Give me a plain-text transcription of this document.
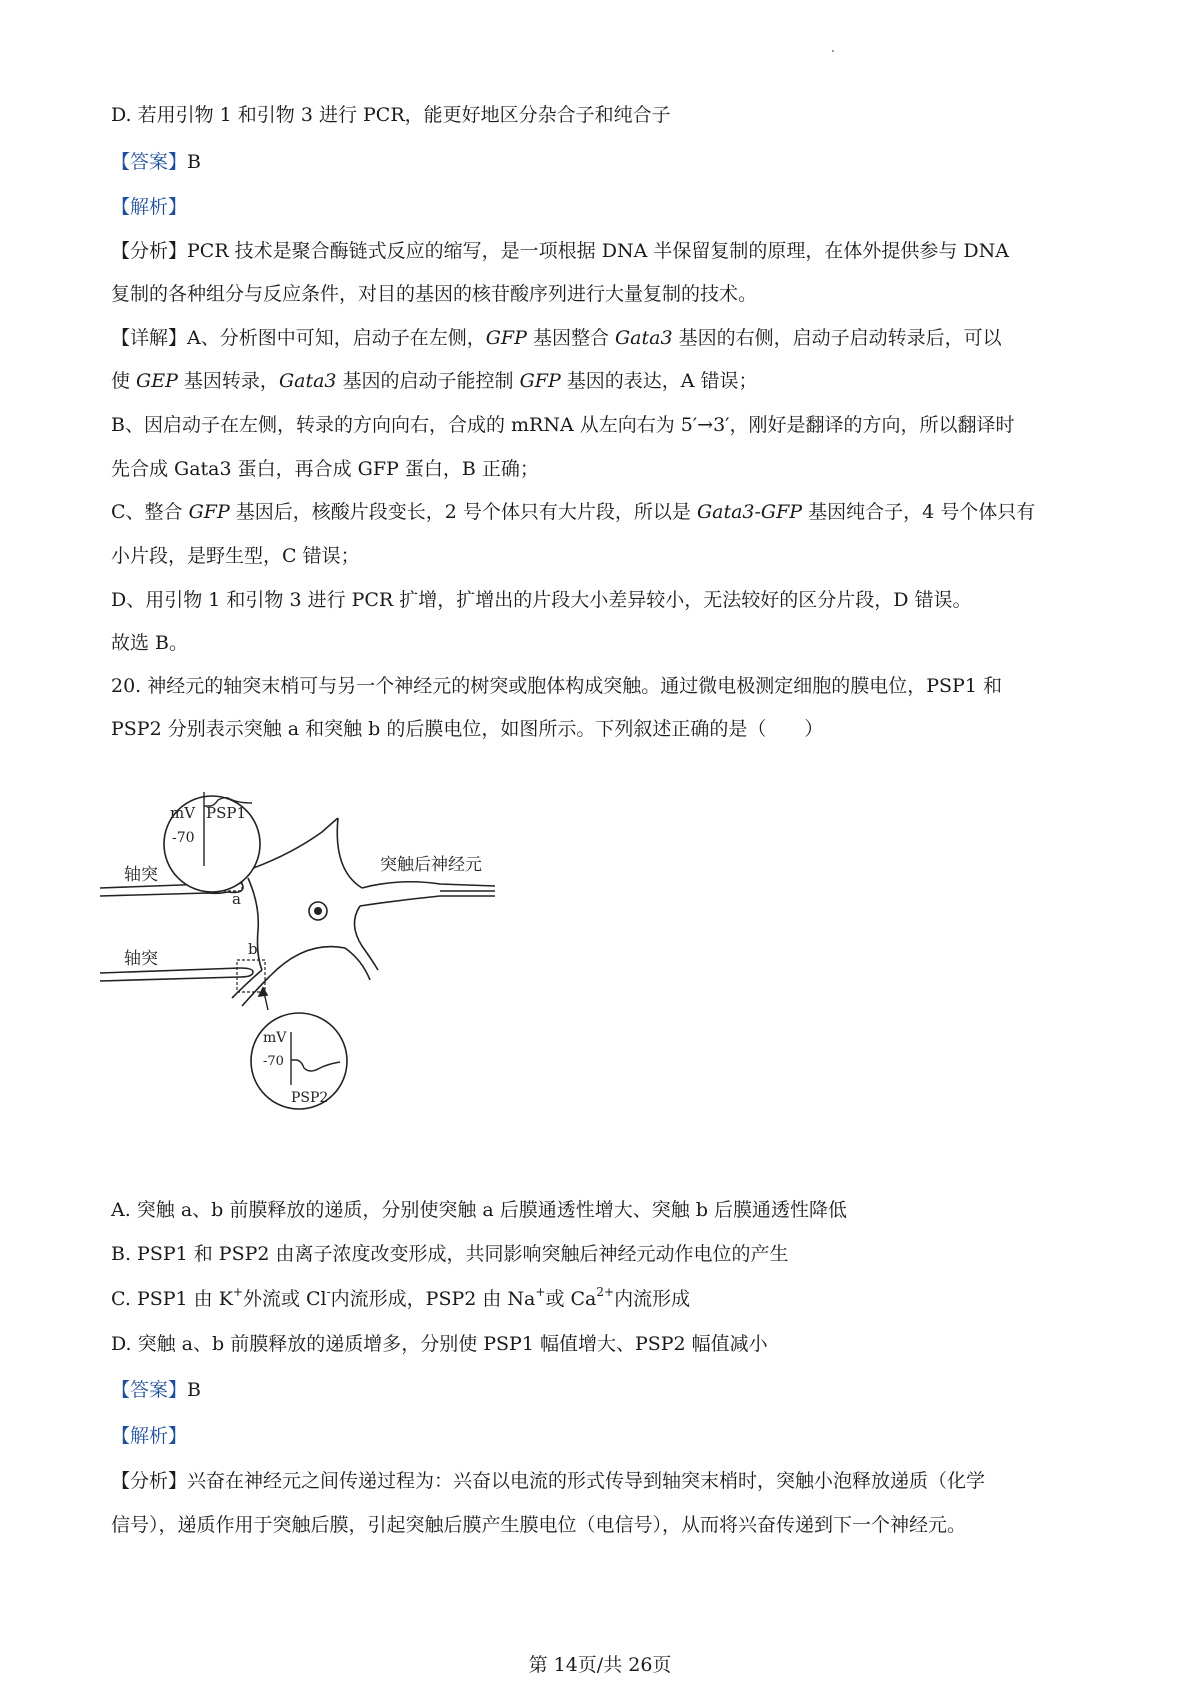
D. 若用引物 1 和引物 3 进行 PCR，能更好地区分杂合子和纯合子
【答案】B
【解析】
【分析】PCR 技术是聚合酶链式反应的缩写，是一项根据 DNA 半保留复制的原理，在体外提供参与 DNA
复制的各种组分与反应条件，对目的基因的核苷酸序列进行大量复制的技术。
【详解】A、分析图中可知，启动子在左侧，GFP 基因整合 Gata3 基因的右侧，启动子启动转录后，可以
使 GEP 基因转录，Gata3 基因的启动子能控制 GFP 基因的表达，A 错误；
B、因启动子在左侧，转录的方向向右，合成的 mRNA 从左向右为 5′→3′，刚好是翻译的方向，所以翻译时
先合成 Gata3 蛋白，再合成 GFP 蛋白，B 正确；
C、整合 GFP 基因后，核酸片段变长，2 号个体只有大片段，所以是 Gata3-GFP 基因纯合子，4 号个体只有
小片段，是野生型，C 错误；
D、用引物 1 和引物 3 进行 PCR 扩增，扩增出的片段大小差异较小，无法较好的区分片段，D 错误。
故选 B。
20. 神经元的轴突末梢可与另一个神经元的树突或胞体构成突触。通过微电极测定细胞的膜电位，PSP1 和
PSP2 分别表示突触 a 和突触 b 的后膜电位，如图所示。下列叙述正确的是（　　）
mV PSP1
-70
轴突
a
突触后神经元
轴突	b
mV
-70
PSP2
A. 突触 a、b 前膜释放的递质，分别使突触 a 后膜通透性增大、突触 b 后膜通透性降低
B. PSP1 和 PSP2 由离子浓度改变形成，共同影响突触后神经元动作电位的产生
C. PSP1 由 K+外流或 Cl-内流形成，PSP2 由 Na+或 $Ca^{2+}$内流形成
D. 突触 a、b 前膜释放的递质增多，分别使 PSP1 幅值增大、PSP2 幅值减小
【答案】B
【解析】
【分析】兴奋在神经元之间传递过程为：兴奋以电流的形式传导到轴突末梢时，突触小泡释放递质（化学
信号），递质作用于突触后膜，引起突触后膜产生膜电位（电信号），从而将兴奋传递到下一个神经元。
第 14页/共 26页
